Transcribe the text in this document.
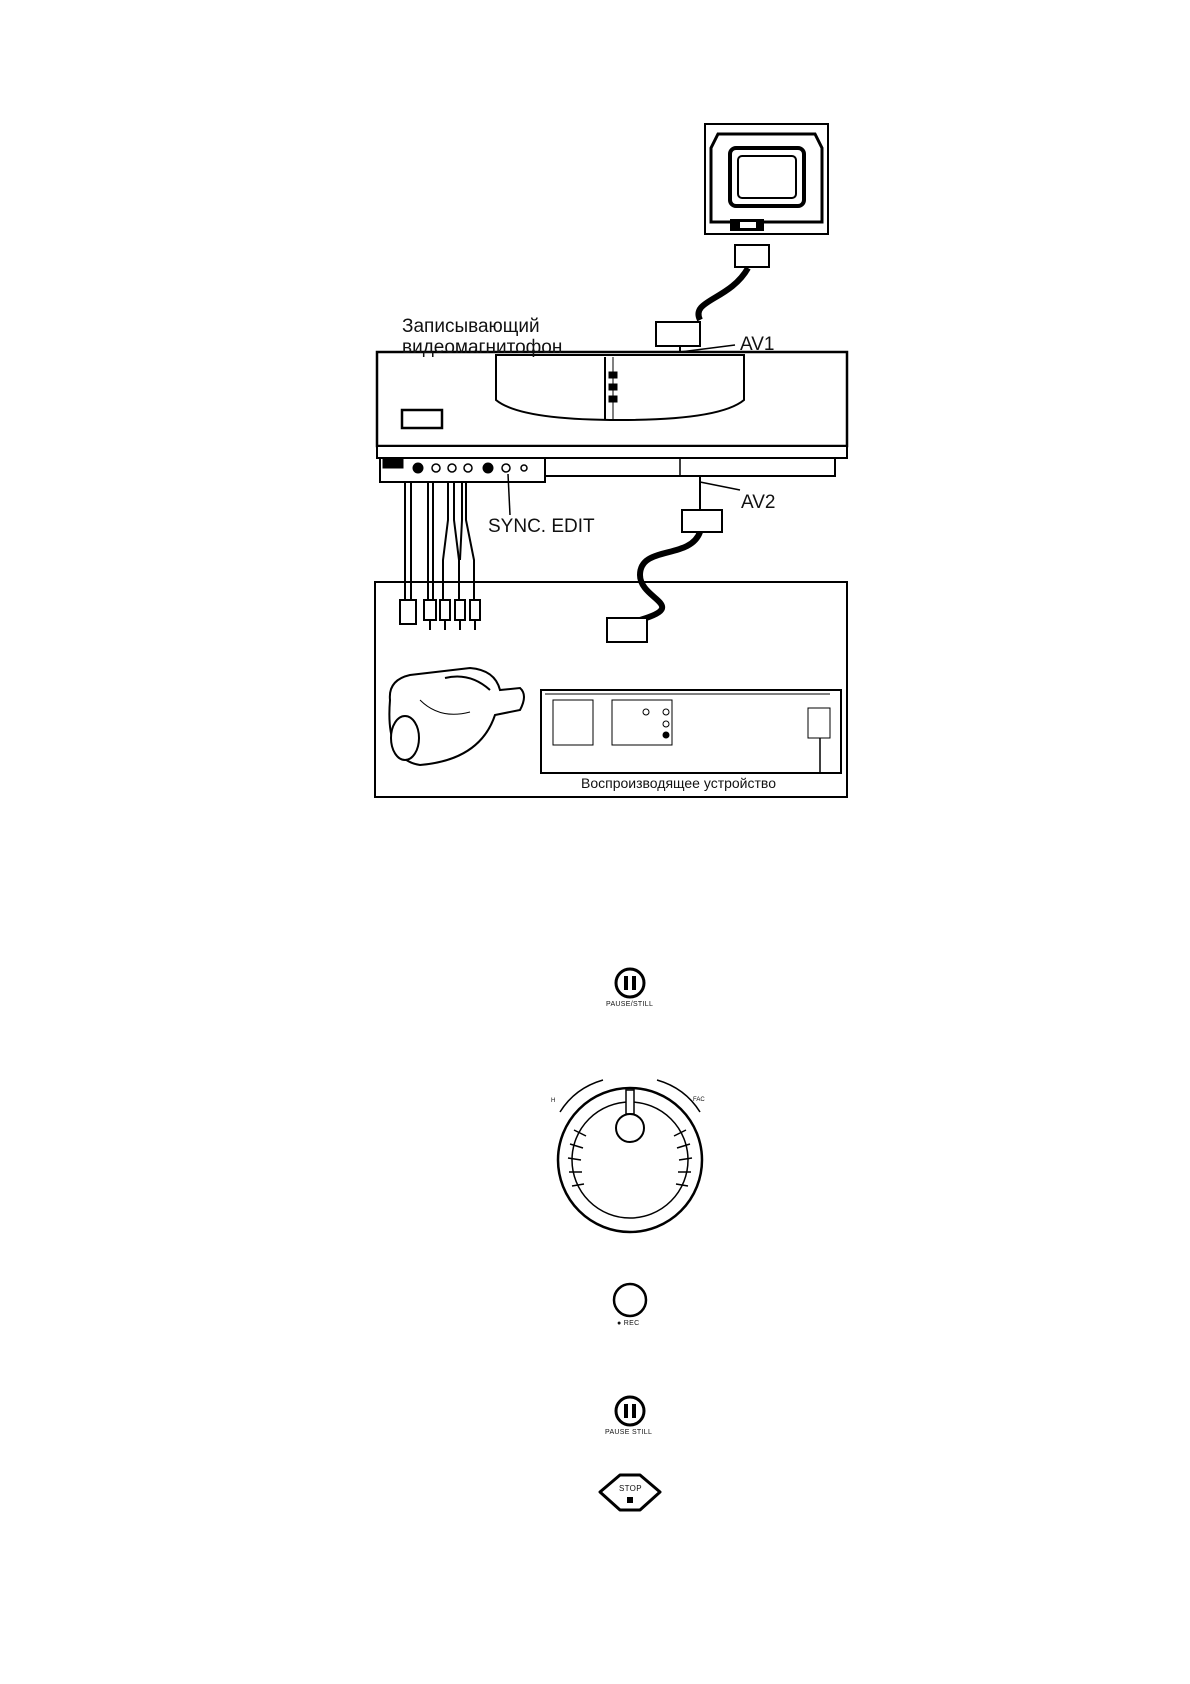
Записывающий
видеомагнитофон	AV1
AV2
SYNC. EDIT
Воспроизводящее устройство
PAUSE/STILL
H	FAC
● REC
PAUSE STILL
STOP
